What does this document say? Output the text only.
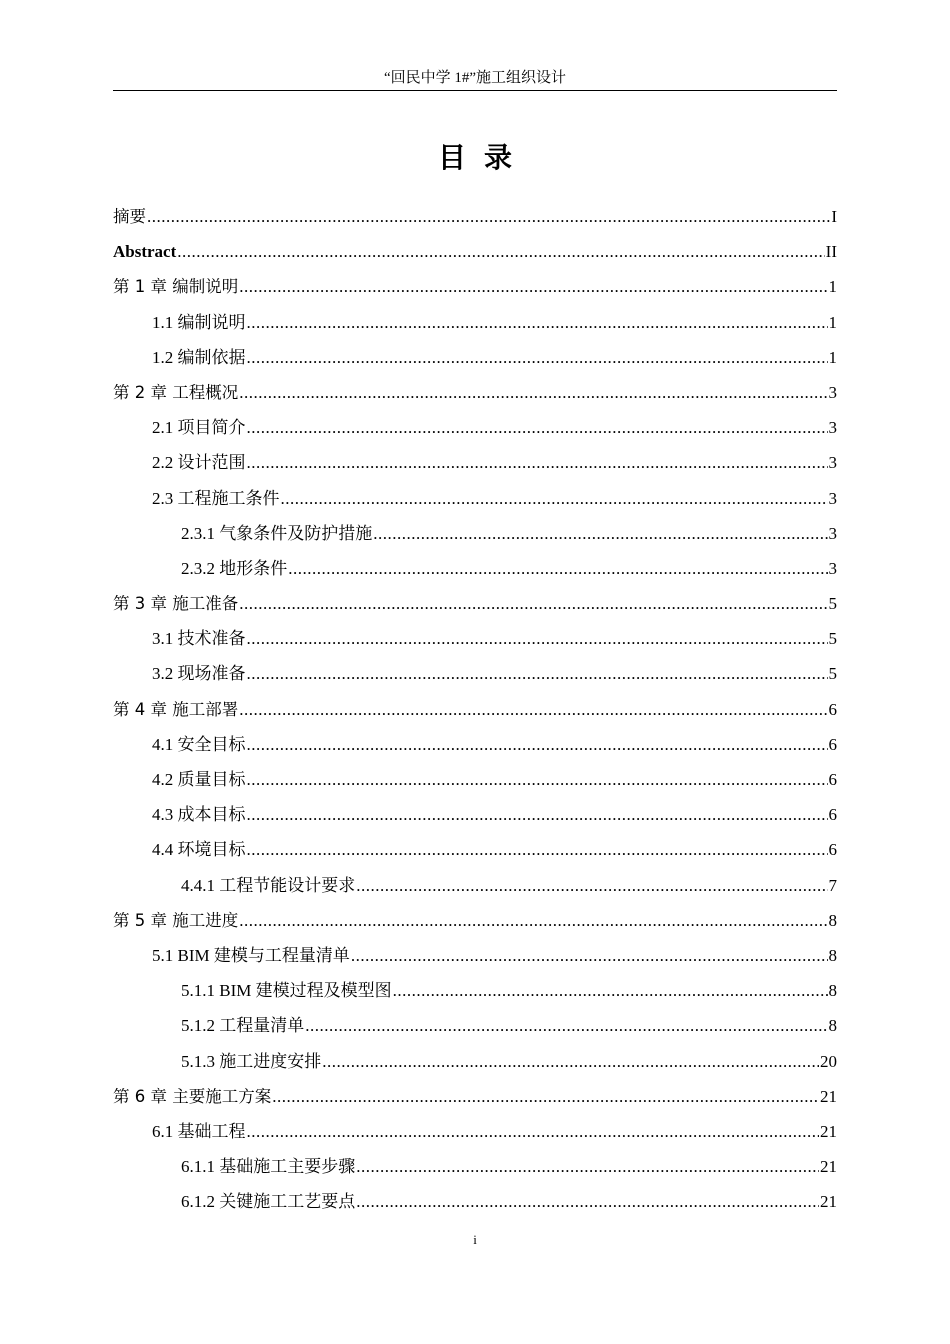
“回民中学 1#”施工组织设计
目录
摘要 .....	I
Abstract .....	II
第 1 章 编制说明 .....	1
1.1 编制说明 .....	1
1.2 编制依据 .....	1
第 2 章 工程概况 .....	3
2.1 项目简介 .....	3
2.2 设计范围 .....	3
2.3 工程施工条件 .....	3
2.3.1 气象条件及防护措施 .....	3
2.3.2 地形条件 .....	3
第 3 章 施工准备 .....	5
3.1 技术准备 .....	5
3.2 现场准备 .....	5
第 4 章 施工部署 .....	6
4.1 安全目标 .....	6
4.2 质量目标 .....	6
4.3 成本目标 .....	6
4.4 环境目标 .....	6
4.4.1 工程节能设计要求 .....	7
第 5 章 施工进度 .....	8
5.1 BIM 建模与工程量清单 .....	8
5.1.1 BIM 建模过程及模型图 .....	8
5.1.2 工程量清单 .....	8
5.1.3 施工进度安排 .....	20
第 6 章 主要施工方案 .....	21
6.1 基础工程 .....	21
6.1.1 基础施工主要步骤 .....	21
6.1.2 关键施工工艺要点 .....	21
i
